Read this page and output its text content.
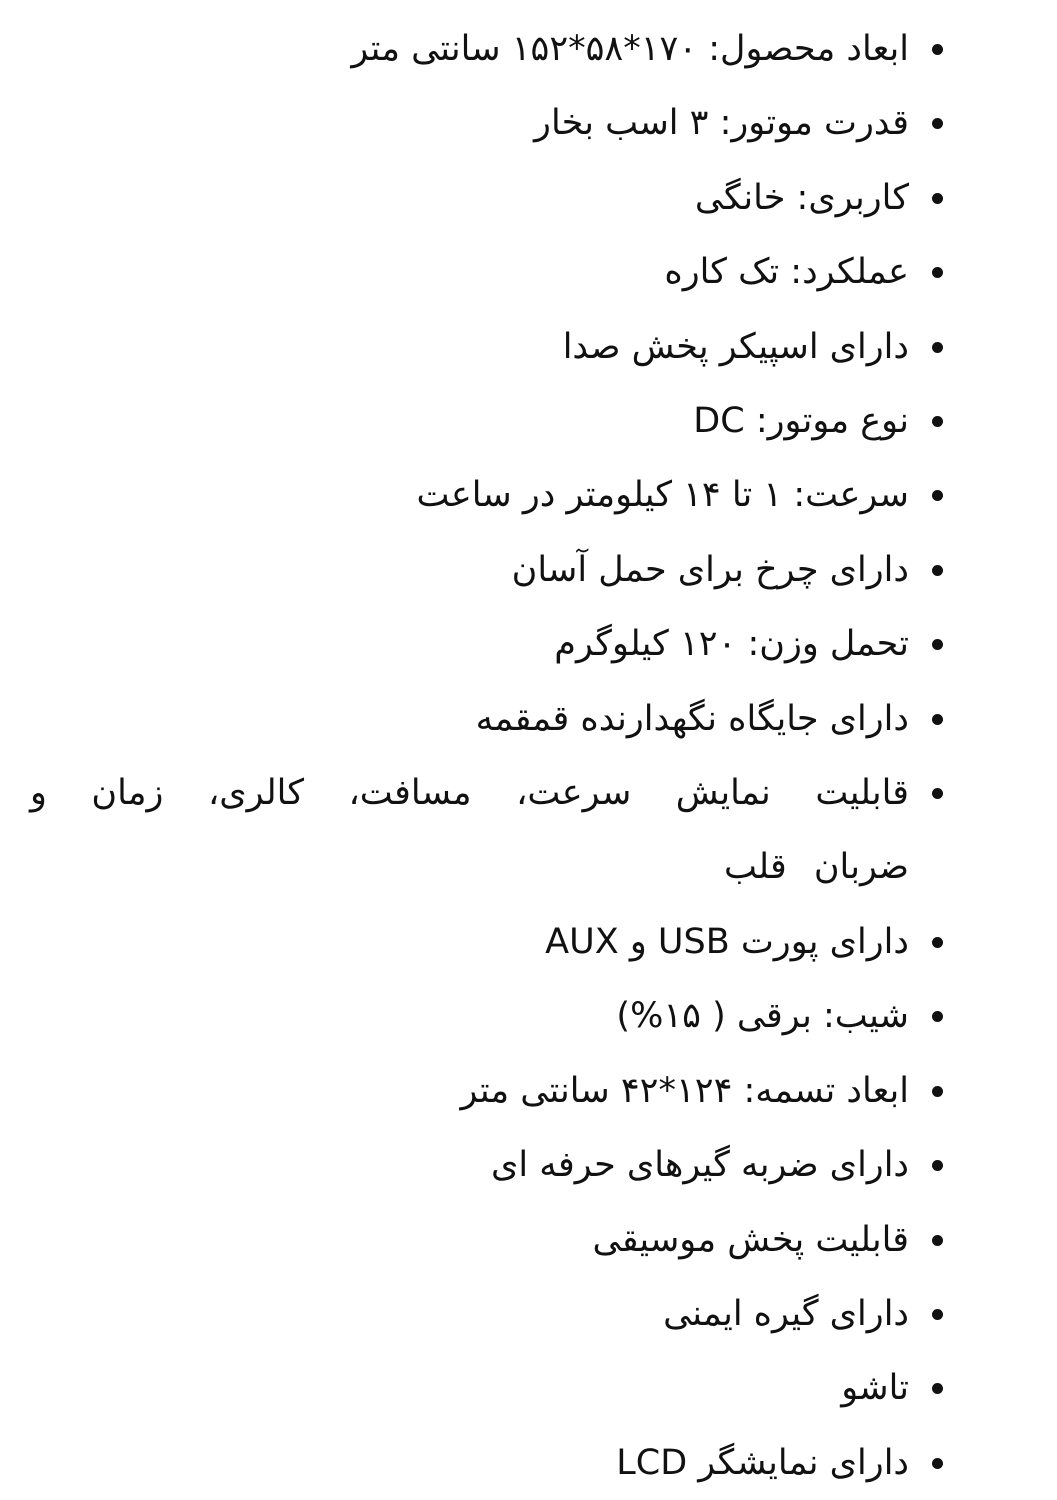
ابعاد محصول: ۱۷۰*۵۸*۱۵۲ سانتی متر
قدرت موتور: ۳ اسب بخار
کاربری: خانگی
عملکرد: تک کاره
دارای اسپیکر پخش صدا
نوع موتور: DC
سرعت: ۱ تا ۱۴ کیلومتر در ساعت
دارای چرخ برای حمل آسان
تحمل وزن: ۱۲۰ کیلوگرم
دارای جایگاه نگهدارنده قمقمه
قابلیت نمایش سرعت، مسافت، کالری، زمان و ضربان قلب
دارای پورت USB و AUX
شیب: برقی ( ۱۵%)
ابعاد تسمه: ۱۲۴*۴۲ سانتی متر
دارای ضربه گیرهای حرفه ای
قابلیت پخش موسیقی
دارای گیره ایمنی
تاشو
دارای نمایشگر LCD
